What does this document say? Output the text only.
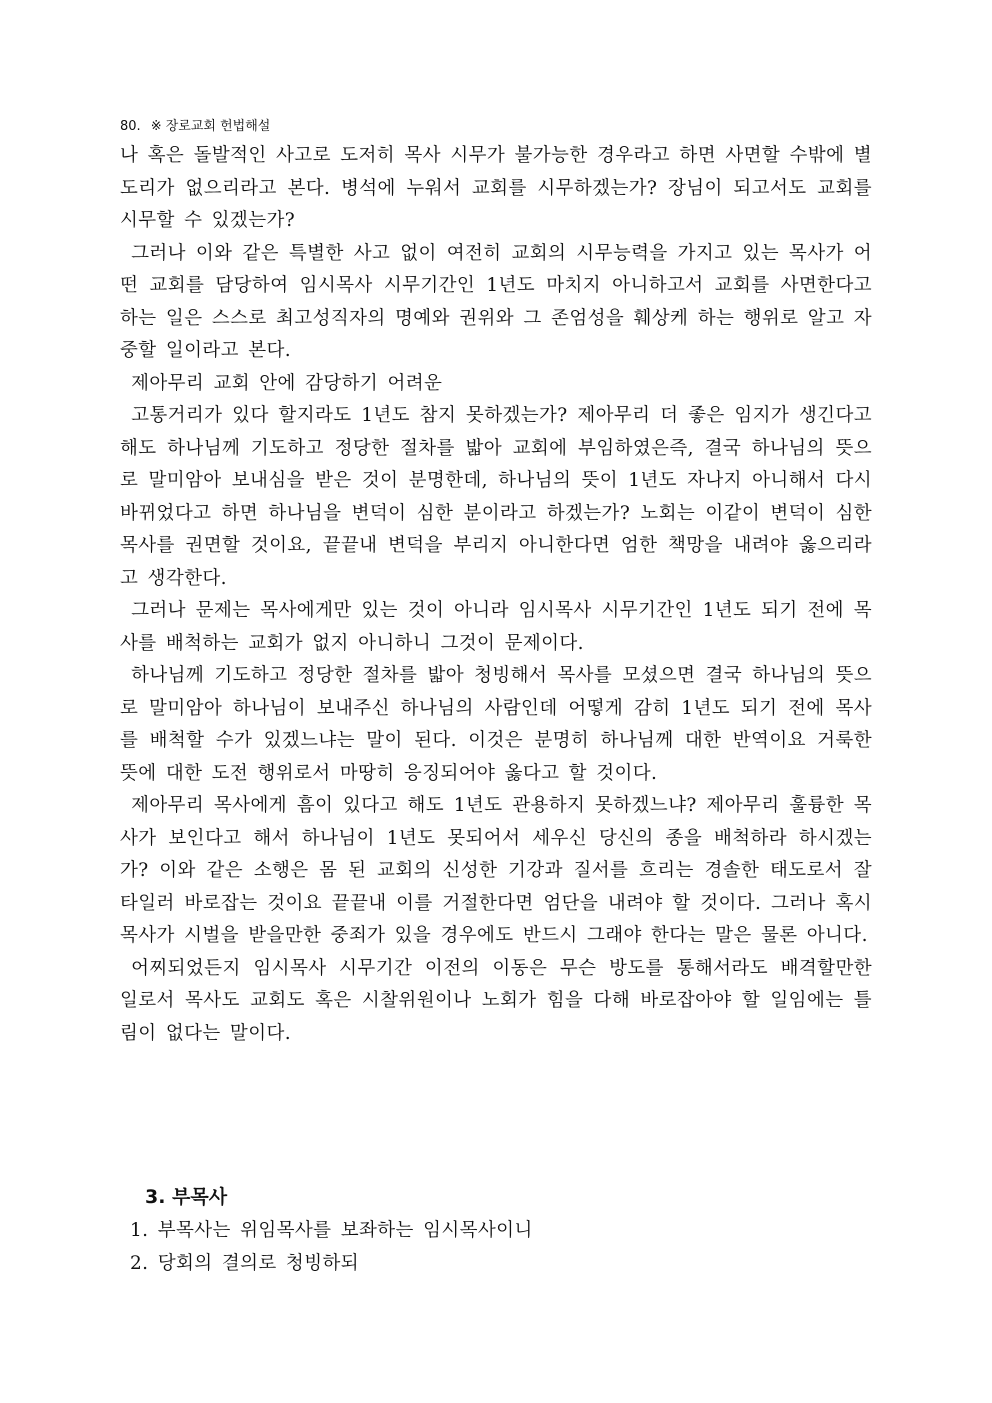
80. ※ 장로교회 헌법해설

나 혹은 돌발적인 사고로 도저히 목사 시무가 불가능한 경우라고 하면 사면할 수밖에 별 도리가 없으리라고 본다. 병석에 누워서 교회를 시무하겠는가? 장님이 되고서도 교회를 시무할 수 있겠는가?

그러나 이와 같은 특별한 사고 없이 여전히 교회의 시무능력을 가지고 있는 목사가 어떤 교회를 담당하여 임시목사 시무기간인 1년도 마치지 아니하고서 교회를 사면한다고 하는 일은 스스로 최고성직자의 명예와 권위와 그 존엄성을 훼상케 하는 행위로 알고 자중할 일이라고 본다.

제아무리 교회 안에 감당하기 어려운

고통거리가 있다 할지라도 1년도 참지 못하겠는가? 제아무리 더 좋은 임지가 생긴다고 해도 하나님께 기도하고 정당한 절차를 밟아 교회에 부임하였은즉, 결국 하나님의 뜻으로 말미암아 보내심을 받은 것이 분명한데, 하나님의 뜻이 1년도 자나지 아니해서 다시 바뀌었다고 하면 하나님을 변덕이 심한 분이라고 하겠는가? 노회는 이같이 변덕이 심한 목사를 권면할 것이요, 끝끝내 변덕을 부리지 아니한다면 엄한 책망을 내려야 옳으리라고 생각한다.

그러나 문제는 목사에게만 있는 것이 아니라 임시목사 시무기간인 1년도 되기 전에 목사를 배척하는 교회가 없지 아니하니 그것이 문제이다.

하나님께 기도하고 정당한 절차를 밟아 청빙해서 목사를 모셨으면 결국 하나님의 뜻으로 말미암아 하나님이 보내주신 하나님의 사람인데 어떻게 감히 1년도 되기 전에 목사를 배척할 수가 있겠느냐는 말이 된다. 이것은 분명히 하나님께 대한 반역이요 거룩한 뜻에 대한 도전 행위로서 마땅히 응징되어야 옳다고 할 것이다.

제아무리 목사에게 흠이 있다고 해도 1년도 관용하지 못하겠느냐? 제아무리 훌륭한 목사가 보인다고 해서 하나님이 1년도 못되어서 세우신 당신의 종을 배척하라 하시겠는가? 이와 같은 소행은 몸 된 교회의 신성한 기강과 질서를 흐리는 경솔한 태도로서 잘 타일러 바로잡는 것이요 끝끝내 이를 거절한다면 엄단을 내려야 할 것이다. 그러나 혹시 목사가 시벌을 받을만한 중죄가 있을 경우에도 반드시 그래야 한다는 말은 물론 아니다.

어찌되었든지 임시목사 시무기간 이전의 이동은 무슨 방도를 통해서라도 배격할만한 일로서 목사도 교회도 혹은 시찰위원이나 노회가 힘을 다해 바로잡아야 할 일임에는 틀림이 없다는 말이다.

3. 부목사
1. 부목사는 위임목사를 보좌하는 임시목사이니
2. 당회의 결의로 청빙하되
